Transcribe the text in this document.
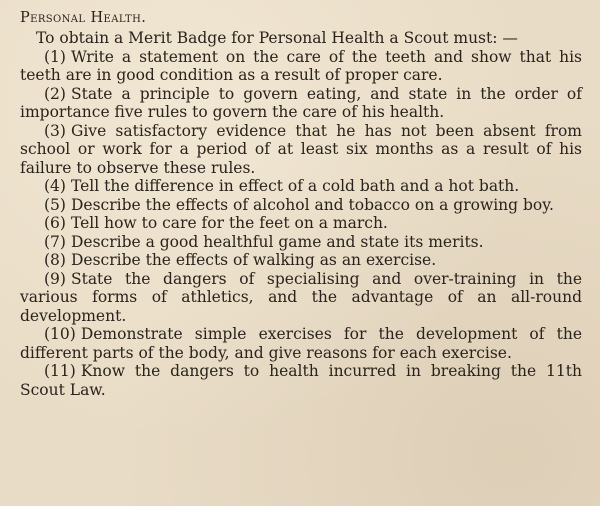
Personal Health.

To obtain a Merit Badge for Personal Health a Scout must: —

(1) Write a statement on the care of the teeth and show that his teeth are in good condition as a result of proper care.

(2) State a principle to govern eating, and state in the order of importance five rules to govern the care of his health.

(3) Give satisfactory evidence that he has not been absent from school or work for a period of at least six months as a result of his failure to observe these rules.

(4) Tell the difference in effect of a cold bath and a hot bath.

(5) Describe the effects of alcohol and tobacco on a growing boy.

(6) Tell how to care for the feet on a march.

(7) Describe a good healthful game and state its merits.

(8) Describe the effects of walking as an exercise.

(9) State the dangers of specialising and over-training in the various forms of athletics, and the advantage of an all-round development.

(10) Demonstrate simple exercises for the development of the different parts of the body, and give reasons for each exercise.

(11) Know the dangers to health incurred in breaking the 11th Scout Law.
